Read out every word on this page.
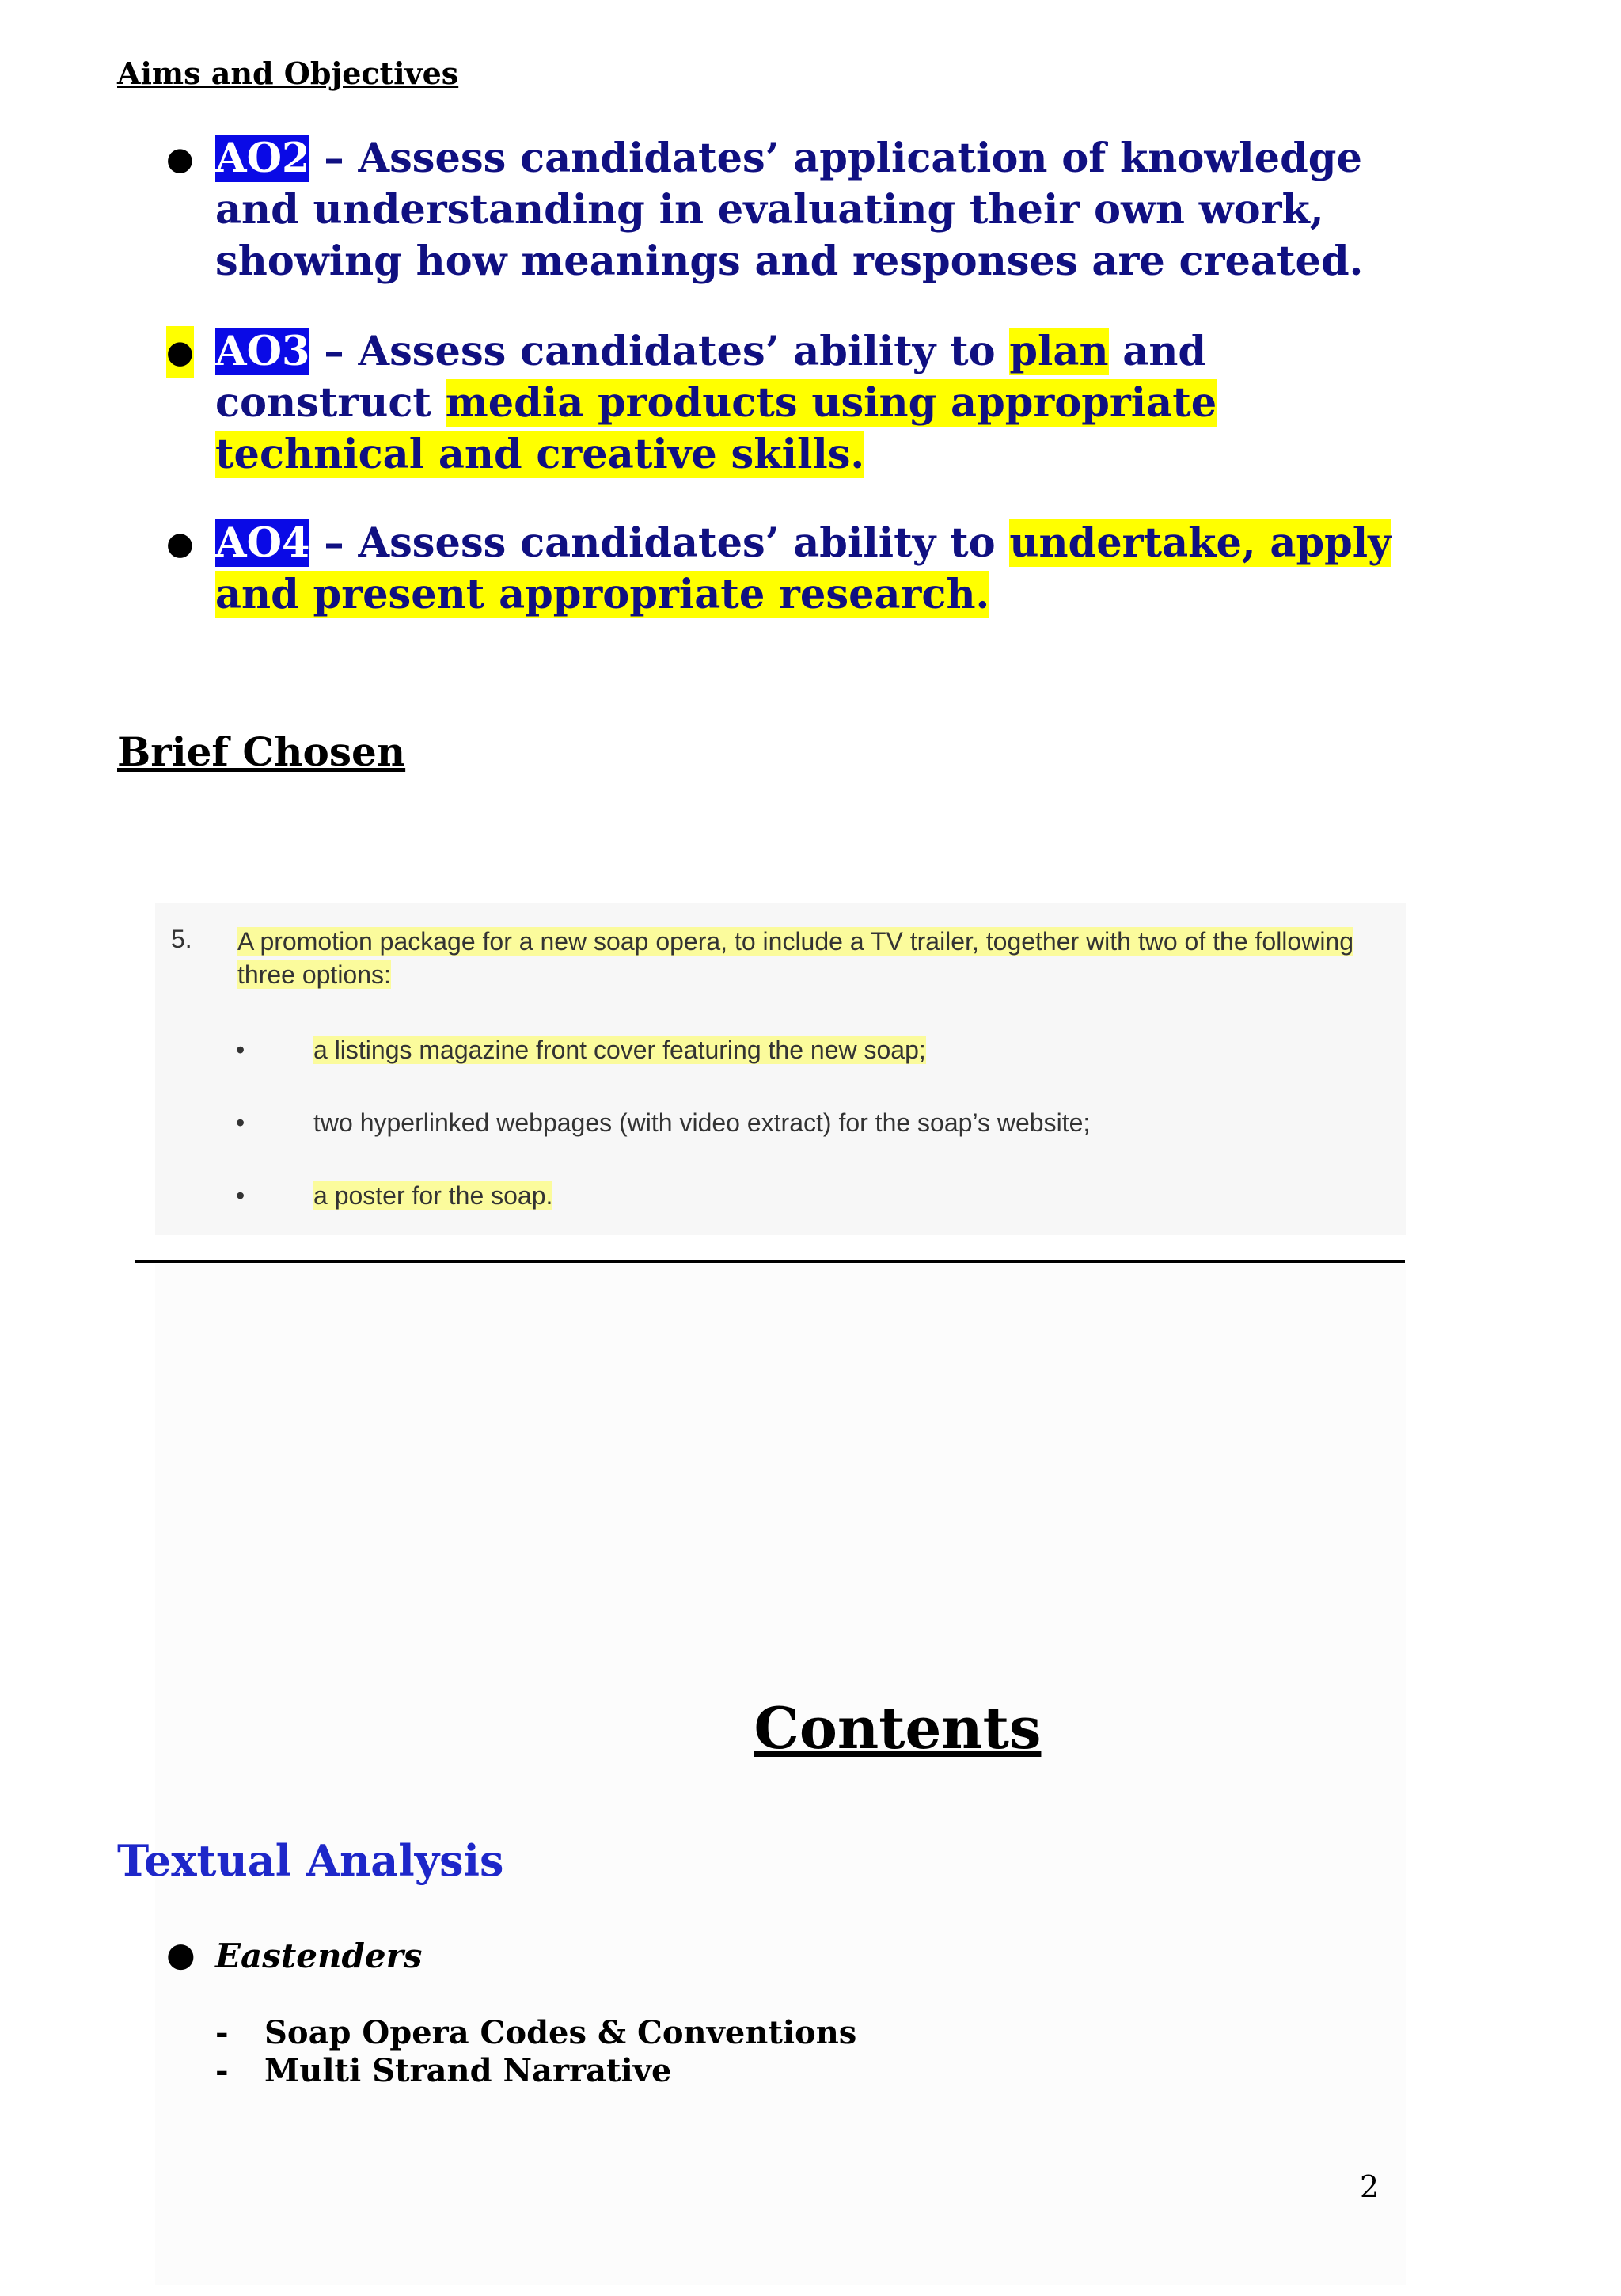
Aims and Objectives
● AO2 – Assess candidates’ application of knowledge and understanding in evaluating their own work, showing how meanings and responses are created.
● AO3 – Assess candidates’ ability to plan and construct media products using appropriate technical and creative skills.
● AO4 – Assess candidates’ ability to undertake, apply and present appropriate research.
Brief Chosen
5. A promotion package for a new soap opera, to include a TV trailer, together with two of the following three options:
•	a listings magazine front cover featuring the new soap;
•	two hyperlinked webpages (with video extract) for the soap’s website;
•	a poster for the soap.
Contents
Textual Analysis
● Eastenders
- Soap Opera Codes & Conventions
- Multi Strand Narrative
2
